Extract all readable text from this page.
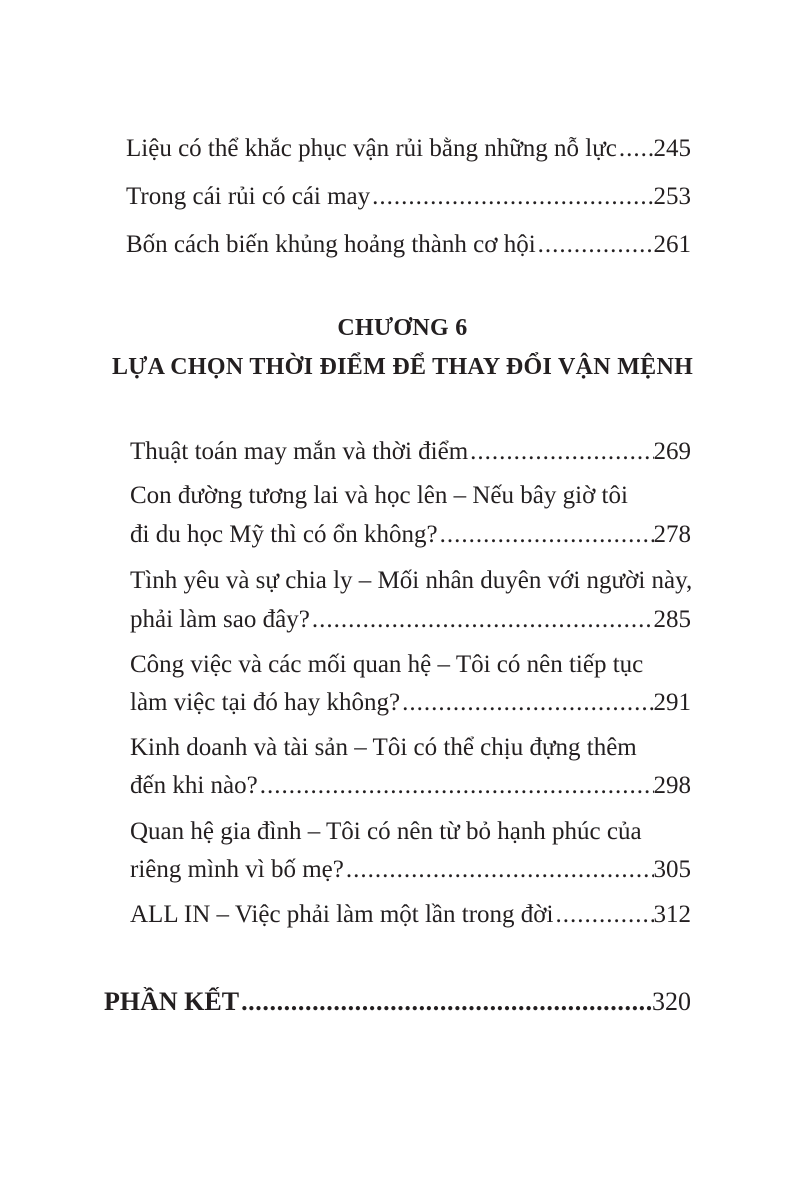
Liệu có thể khắc phục vận rủi bằng những nỗ lực ..... 245
Trong cái rủi có cái may .....	253
Bốn cách biến khủng hoảng thành cơ hội .....	261
CHƯƠNG 6
LỰA CHỌN THỜI ĐIỂM ĐỂ THAY ĐỔI VẬN MỆNH
Thuật toán may mắn và thời điểm .....	269
Con đường tương lai và học lên – Nếu bây giờ tôi
đi du học Mỹ thì có ổn không? .....	278
Tình yêu và sự chia ly – Mối nhân duyên với người này,
phải làm sao đây? .....	285
Công việc và các mối quan hệ – Tôi có nên tiếp tục
làm việc tại đó hay không? .....	291
Kinh doanh và tài sản – Tôi có thể chịu đựng thêm
đến khi nào? .....	298
Quan hệ gia đình – Tôi có nên từ bỏ hạnh phúc của
riêng mình vì bố mẹ? .....	305
ALL IN – Việc phải làm một lần trong đời .....	312
PHẦN KẾT .....	320
